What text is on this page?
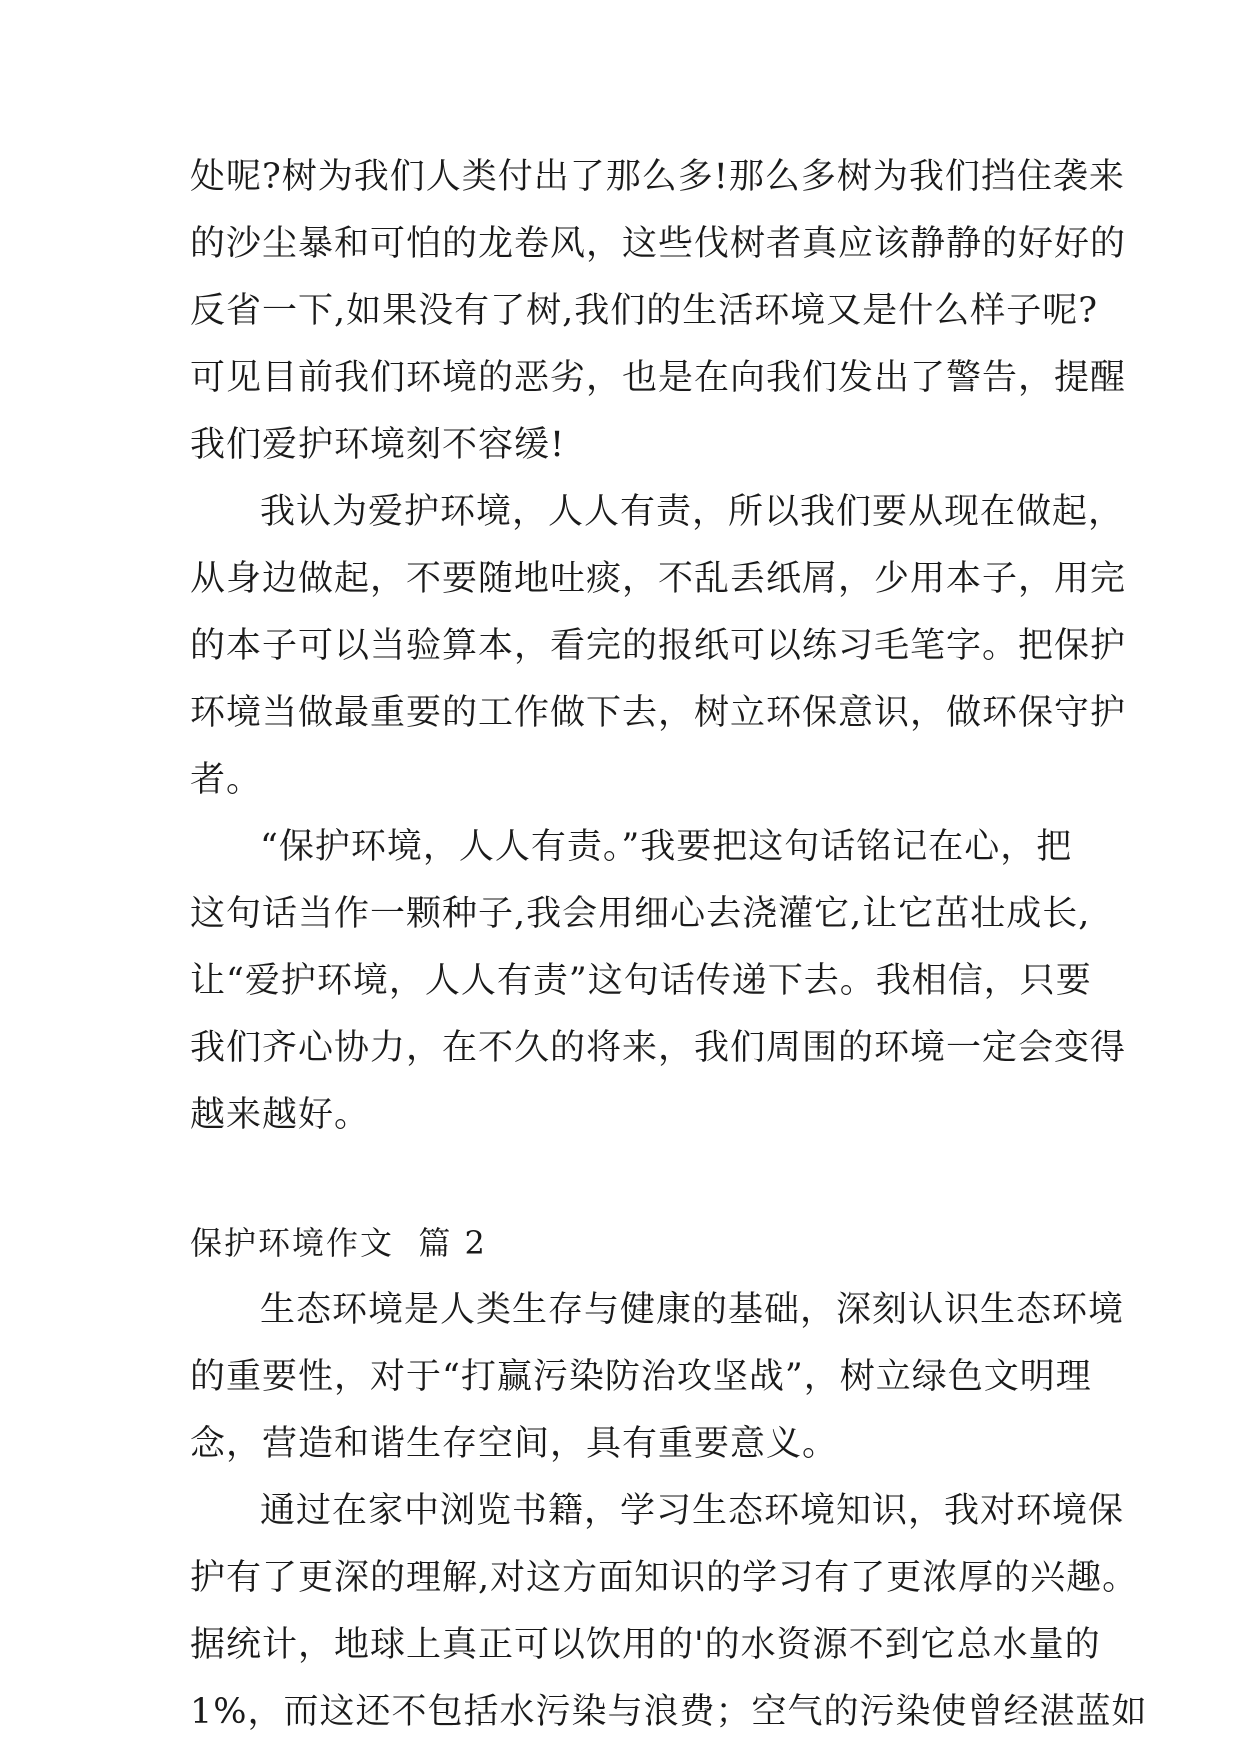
处呢?树为我们人类付出了那么多!那么多树为我们挡住袭来
的沙尘暴和可怕的龙卷风，这些伐树者真应该静静的好好的
反省一下,如果没有了树,我们的生活环境又是什么样子呢?
可见目前我们环境的恶劣，也是在向我们发出了警告，提醒
我们爱护环境刻不容缓!
我认为爱护环境，人人有责，所以我们要从现在做起，
从身边做起，不要随地吐痰，不乱丢纸屑，少用本子，用完
的本子可以当验算本，看完的报纸可以练习毛笔字。把保护
环境当做最重要的工作做下去，树立环保意识，做环保守护
者。
“保护环境，人人有责。”我要把这句话铭记在心，把
这句话当作一颗种子,我会用细心去浇灌它,让它茁壮成长,
让“爱护环境，人人有责”这句话传递下去。我相信，只要
我们齐心协力，在不久的将来，我们周围的环境一定会变得
越来越好。
保护环境作文  篇 2
生态环境是人类生存与健康的基础，深刻认识生态环境
的重要性，对于“打赢污染防治攻坚战”，树立绿色文明理
念，营造和谐生存空间，具有重要意义。
通过在家中浏览书籍，学习生态环境知识，我对环境保
护有了更深的理解,对这方面知识的学习有了更浓厚的兴趣。
据统计，地球上真正可以饮用的'的水资源不到它总水量的
1%，而这还不包括水污染与浪费；空气的污染使曾经湛蓝如
